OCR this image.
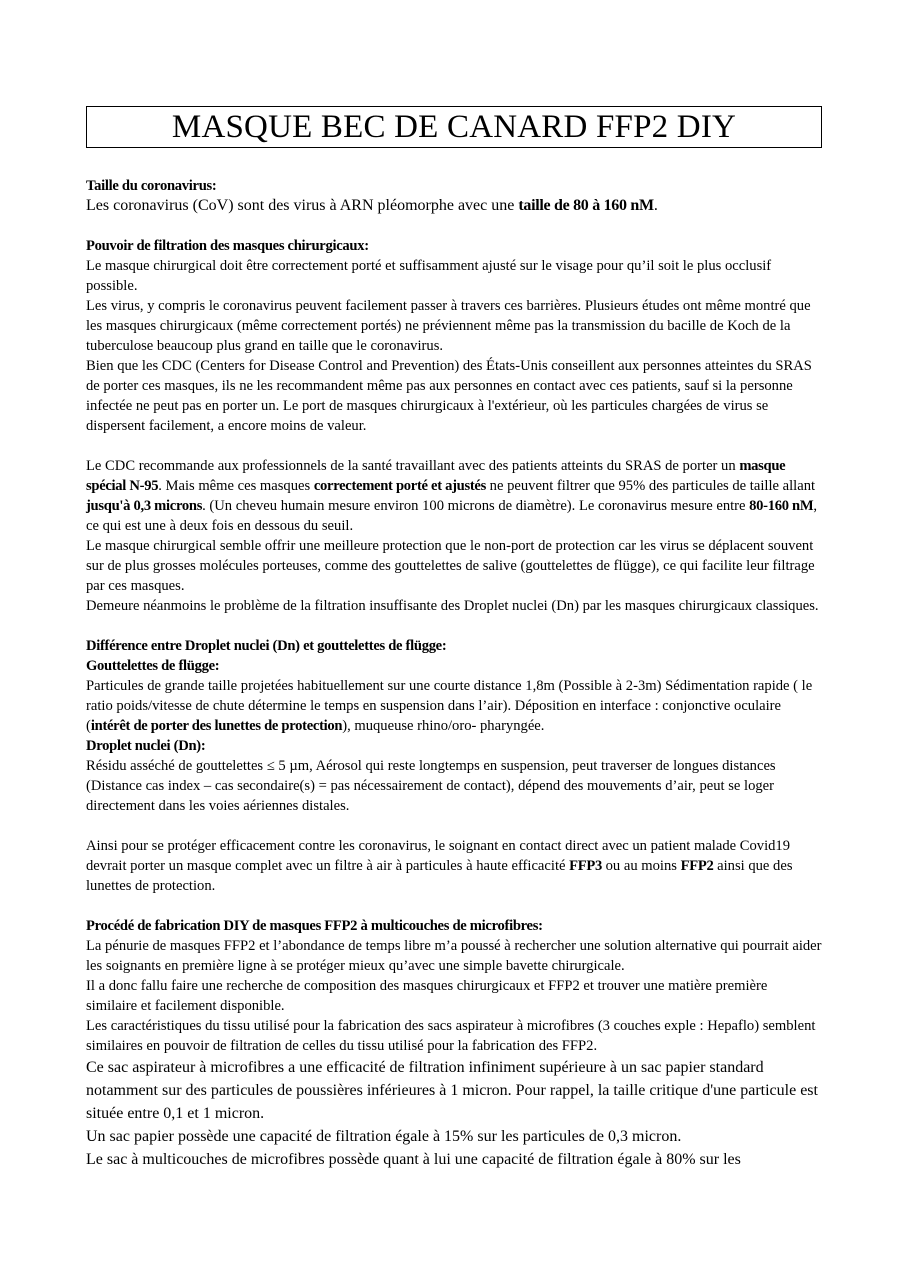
MASQUE BEC DE CANARD FFP2 DIY

Taille du coronavirus:

Les coronavirus (CoV) sont des virus à ARN pléomorphe avec une taille de 80 à 160 nM.

Pouvoir de filtration des masques chirurgicaux:

Le masque chirurgical doit être correctement porté et suffisamment ajusté sur le visage pour qu’il soit le plus occlusif possible.

Les virus, y compris le coronavirus peuvent facilement passer à travers ces barrières. Plusieurs études ont même montré que les masques chirurgicaux (même correctement portés) ne préviennent même pas la transmission du bacille de Koch de la tuberculose beaucoup plus grand en taille que le coronavirus.

Bien que les CDC (Centers for Disease Control and Prevention) des États-Unis conseillent aux personnes atteintes du SRAS de porter ces masques, ils ne les recommandent même pas aux personnes en contact avec ces patients, sauf si la personne infectée ne peut pas en porter un. Le port de masques chirurgicaux à l'extérieur, où les particules chargées de virus se dispersent facilement, a encore moins de valeur.

Le CDC recommande aux professionnels de la santé travaillant avec des patients atteints du SRAS de porter un masque spécial N-95. Mais même ces masques correctement porté et ajustés ne peuvent filtrer que 95% des particules de taille allant jusqu'à 0,3 microns. (Un cheveu humain mesure environ 100 microns de diamètre). Le coronavirus mesure entre 80-160 nM, ce qui est une à deux fois en dessous du seuil.

Le masque chirurgical semble offrir une meilleure protection que le non-port de protection car les virus se déplacent souvent sur de plus grosses molécules porteuses, comme des gouttelettes de salive (gouttelettes de flügge), ce qui facilite leur filtrage par ces masques.

Demeure néanmoins le problème de la filtration insuffisante des Droplet nuclei (Dn) par les masques chirurgicaux classiques.

Différence entre Droplet nuclei (Dn) et gouttelettes de flügge:

Gouttelettes de flügge:

Particules de grande taille projetées habituellement sur une courte distance 1,8m (Possible à 2-3m) Sédimentation rapide ( le ratio poids/vitesse de chute détermine le temps en suspension dans l’air). Déposition en interface : conjonctive oculaire (intérêt de porter des lunettes de protection), muqueuse rhino/oro- pharyngée.

Droplet nuclei (Dn):

Résidu asséché de gouttelettes ≤ 5 µm, Aérosol qui reste longtemps en suspension, peut traverser de longues distances (Distance cas index – cas secondaire(s) = pas nécessairement de contact), dépend des mouvements d’air, peut se loger directement dans les voies aériennes distales.

Ainsi pour se protéger efficacement contre les coronavirus, le soignant en contact direct avec un patient malade Covid19 devrait porter un masque complet avec un filtre à air à particules à haute efficacité FFP3 ou au moins FFP2 ainsi que des lunettes de protection.

Procédé de fabrication DIY de masques FFP2 à multicouches de microfibres:

La pénurie de masques FFP2 et l’abondance de temps libre m’a poussé à rechercher une solution alternative qui pourrait aider les soignants en première ligne à se protéger mieux qu’avec une simple bavette chirurgicale.

Il a donc fallu faire une recherche de composition des masques chirurgicaux et FFP2 et trouver une matière première similaire et facilement disponible.

Les caractéristiques du tissu utilisé pour la fabrication des sacs aspirateur à microfibres (3 couches exple : Hepaflo) semblent similaires en pouvoir de filtration de celles du tissu utilisé pour la fabrication des FFP2.

Ce sac aspirateur à microfibres a une efficacité de filtration infiniment supérieure à un sac papier standard notamment sur des particules de poussières inférieures à 1 micron. Pour rappel, la taille critique d'une particule est située entre 0,1 et 1 micron.

Un sac papier possède une capacité de filtration égale à 15% sur les particules de 0,3 micron.

Le sac à multicouches de microfibres possède quant à lui une capacité de filtration égale à 80% sur les
